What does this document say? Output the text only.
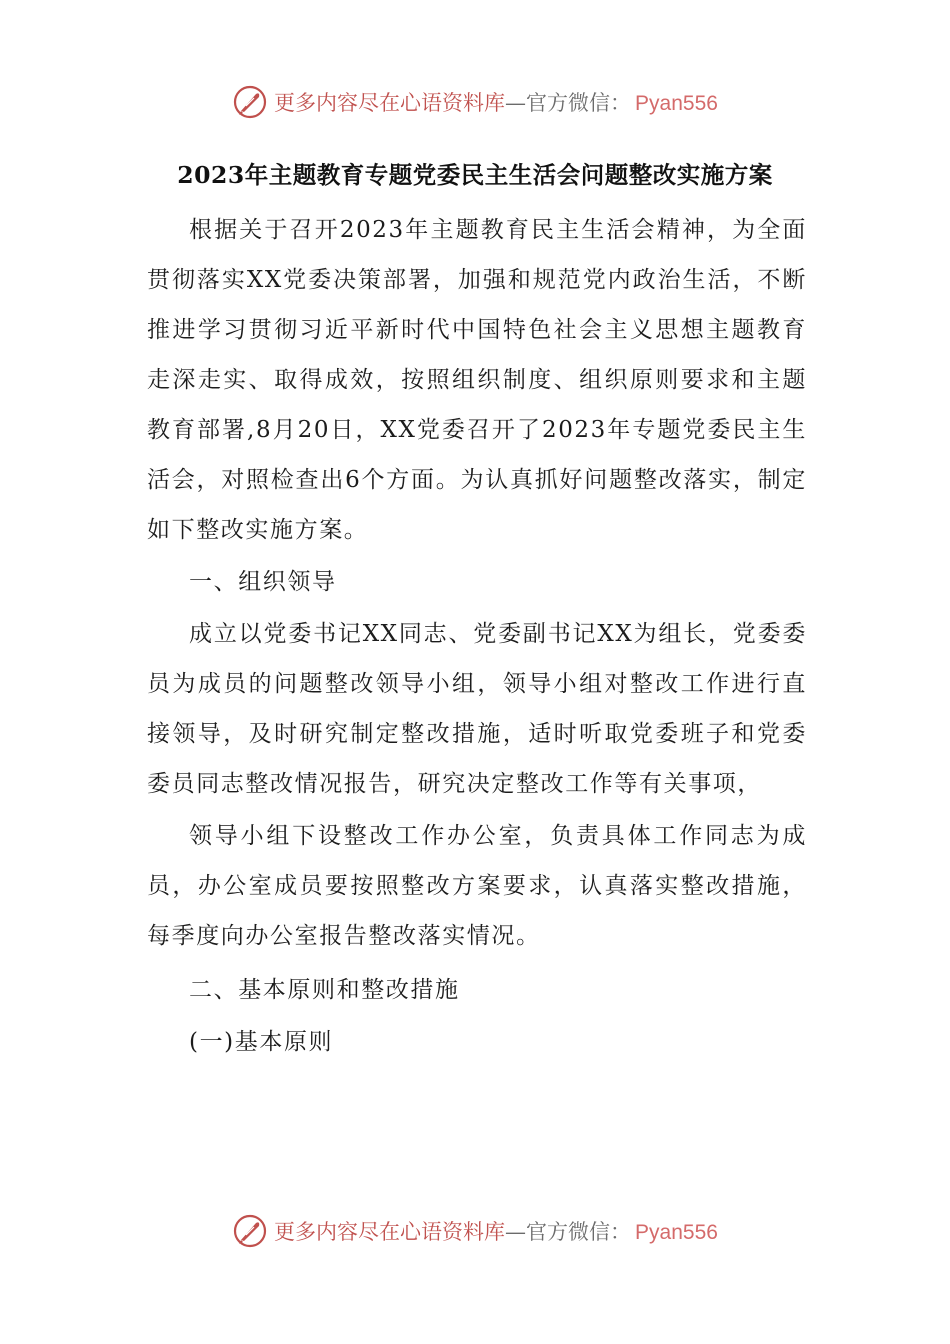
更多内容尽在心语资料库—官方微信： Pyan556
2023年主题教育专题党委民主生活会问题整改实施方案

根据关于召开2023年主题教育民主生活会精神，为全面贯彻落实XX党委决策部署，加强和规范党内政治生活，不断推进学习贯彻习近平新时代中国特色社会主义思想主题教育走深走实、取得成效，按照组织制度、组织原则要求和主题教育部署,8月20日，XX党委召开了2023年专题党委民主生活会，对照检查出6个方面。为认真抓好问题整改落实，制定如下整改实施方案。

一、组织领导

成立以党委书记XX同志、党委副书记XX为组长，党委委员为成员的问题整改领导小组，领导小组对整改工作进行直接领导，及时研究制定整改措施，适时听取党委班子和党委委员同志整改情况报告，研究决定整改工作等有关事项，

领导小组下设整改工作办公室，负责具体工作同志为成员，办公室成员要按照整改方案要求，认真落实整改措施，每季度向办公室报告整改落实情况。

二、基本原则和整改措施

(一)基本原则

更多内容尽在心语资料库—官方微信： Pyan556
